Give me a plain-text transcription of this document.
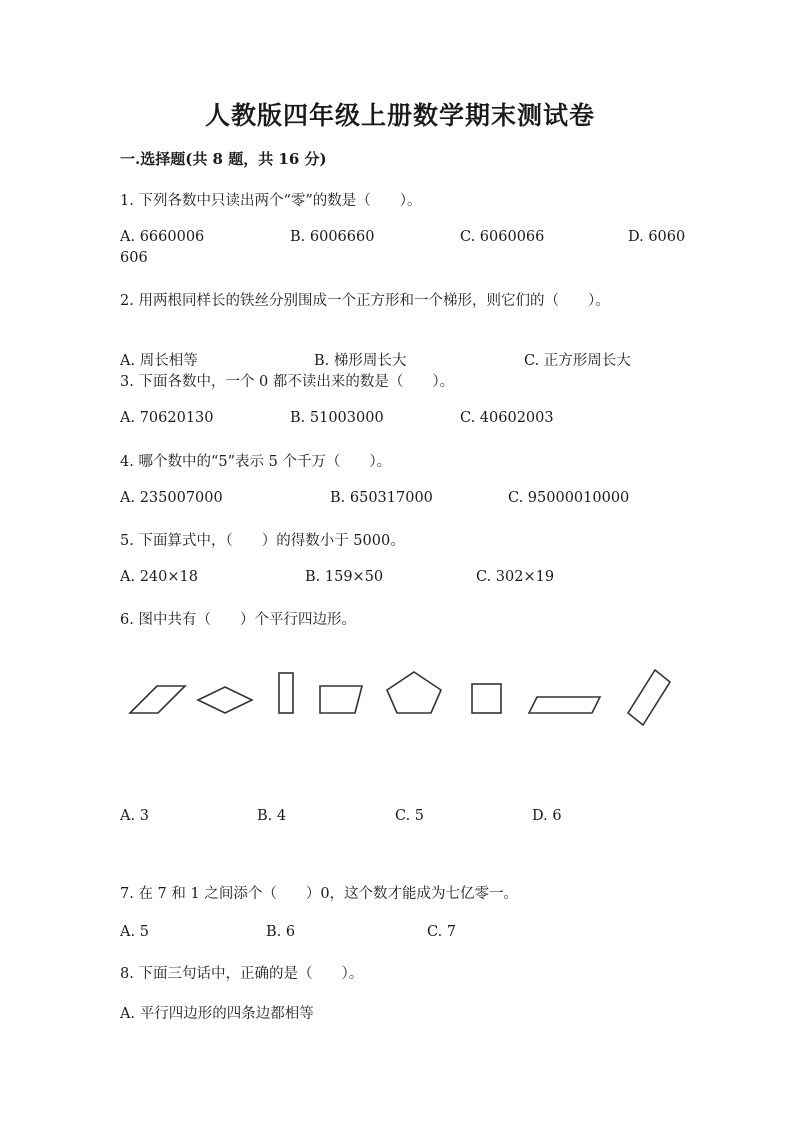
人教版四年级上册数学期末测试卷
一.选择题(共 8 题，共 16 分)
1. 下列各数中只读出两个“零”的数是（　　）。
A. 6660006	B. 6006660	C. 6060066	D. 6060
606
2. 用两根同样长的铁丝分别围成一个正方形和一个梯形，则它们的（　　）。
A. 周长相等	B. 梯形周长大	C. 正方形周长大
3. 下面各数中，一个 0 都不读出来的数是（　　）。
A. 70620130	B. 51003000	C. 40602003
4. 哪个数中的“5”表示 5 个千万（　　）。
A. 235007000	B. 650317000	C. 95000010000
5. 下面算式中，（　　）的得数小于 5000。
A. 240×18	B. 159×50	C. 302×19
6. 图中共有（　　）个平行四边形。
A. 3	B. 4	C. 5	D. 6
7. 在 7 和 1 之间添个（　　）0，这个数才能成为七亿零一。
A. 5	B. 6	C. 7
8. 下面三句话中，正确的是（　　）。
A. 平行四边形的四条边都相等
